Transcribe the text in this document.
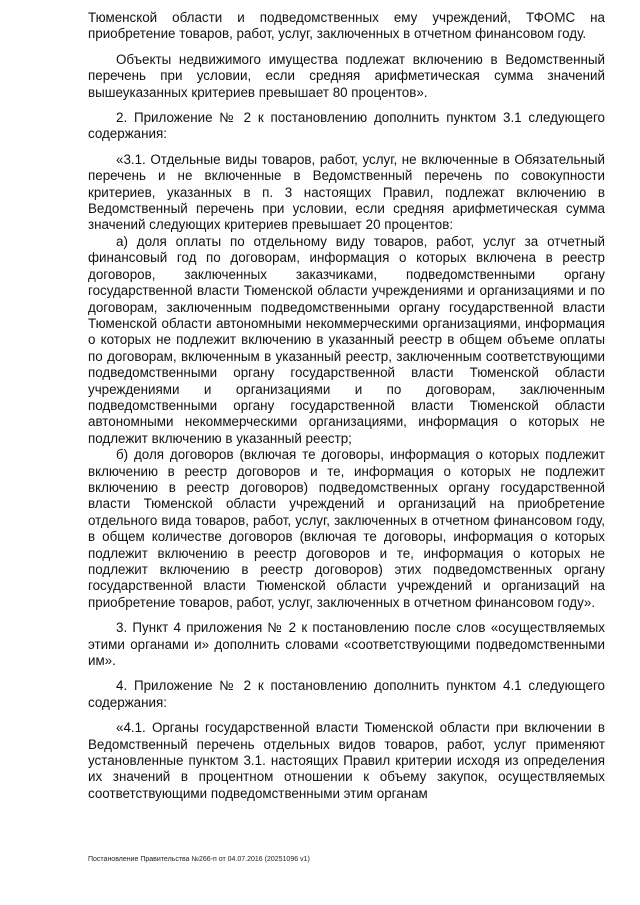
Тюменской области и подведомственных ему учреждений, ТФОМС на приобретение товаров, работ, услуг, заключенных в отчетном финансовом году.

Объекты недвижимого имущества подлежат включению в Ведомственный перечень при условии, если средняя арифметическая сумма значений вышеуказанных критериев превышает 80 процентов».

2. Приложение № 2 к постановлению дополнить пунктом 3.1 следующего содержания:

«3.1. Отдельные виды товаров, работ, услуг, не включенные в Обязательный перечень и не включенные в Ведомственный перечень по совокупности критериев, указанных в п. 3 настоящих Правил, подлежат включению в Ведомственный перечень при условии, если средняя арифметическая сумма значений следующих критериев превышает 20 процентов:

а) доля оплаты по отдельному виду товаров, работ, услуг за отчетный финансовый год по договорам, информация о которых включена в реестр договоров, заключенных заказчиками, подведомственными органу государственной власти Тюменской области учреждениями и организациями и по договорам, заключенным подведомственными органу государственной власти Тюменской области автономными некоммерческими организациями, информация о которых не подлежит включению в указанный реестр в общем объеме оплаты по договорам, включенным в указанный реестр, заключенным соответствующими подведомственными органу государственной власти Тюменской области учреждениями и организациями и по договорам, заключенным подведомственными органу государственной власти Тюменской области автономными некоммерческими организациями, информация о которых не подлежит включению в указанный реестр;

б) доля договоров (включая те договоры, информация о которых подлежит включению в реестр договоров и те, информация о которых не подлежит включению в реестр договоров) подведомственных органу государственной власти Тюменской области учреждений и организаций на приобретение отдельного вида товаров, работ, услуг, заключенных в отчетном финансовом году, в общем количестве договоров (включая те договоры, информация о которых подлежит включению в реестр договоров и те, информация о которых не подлежит включению в реестр договоров) этих подведомственных органу государственной власти Тюменской области учреждений и организаций на приобретение товаров, работ, услуг, заключенных в отчетном финансовом году».

3. Пункт 4 приложения № 2 к постановлению после слов «осуществляемых этими органами и» дополнить словами «соответствующими подведомственными им».

4. Приложение № 2 к постановлению дополнить пунктом 4.1 следующего содержания:

«4.1. Органы государственной власти Тюменской области при включении в Ведомственный перечень отдельных видов товаров, работ, услуг применяют установленные пунктом 3.1. настоящих Правил критерии исходя из определения их значений в процентном отношении к объему закупок, осуществляемых соответствующими подведомственными этим органам

Постановление Правительства №266-п от 04.07.2016 (20251096 v1)
